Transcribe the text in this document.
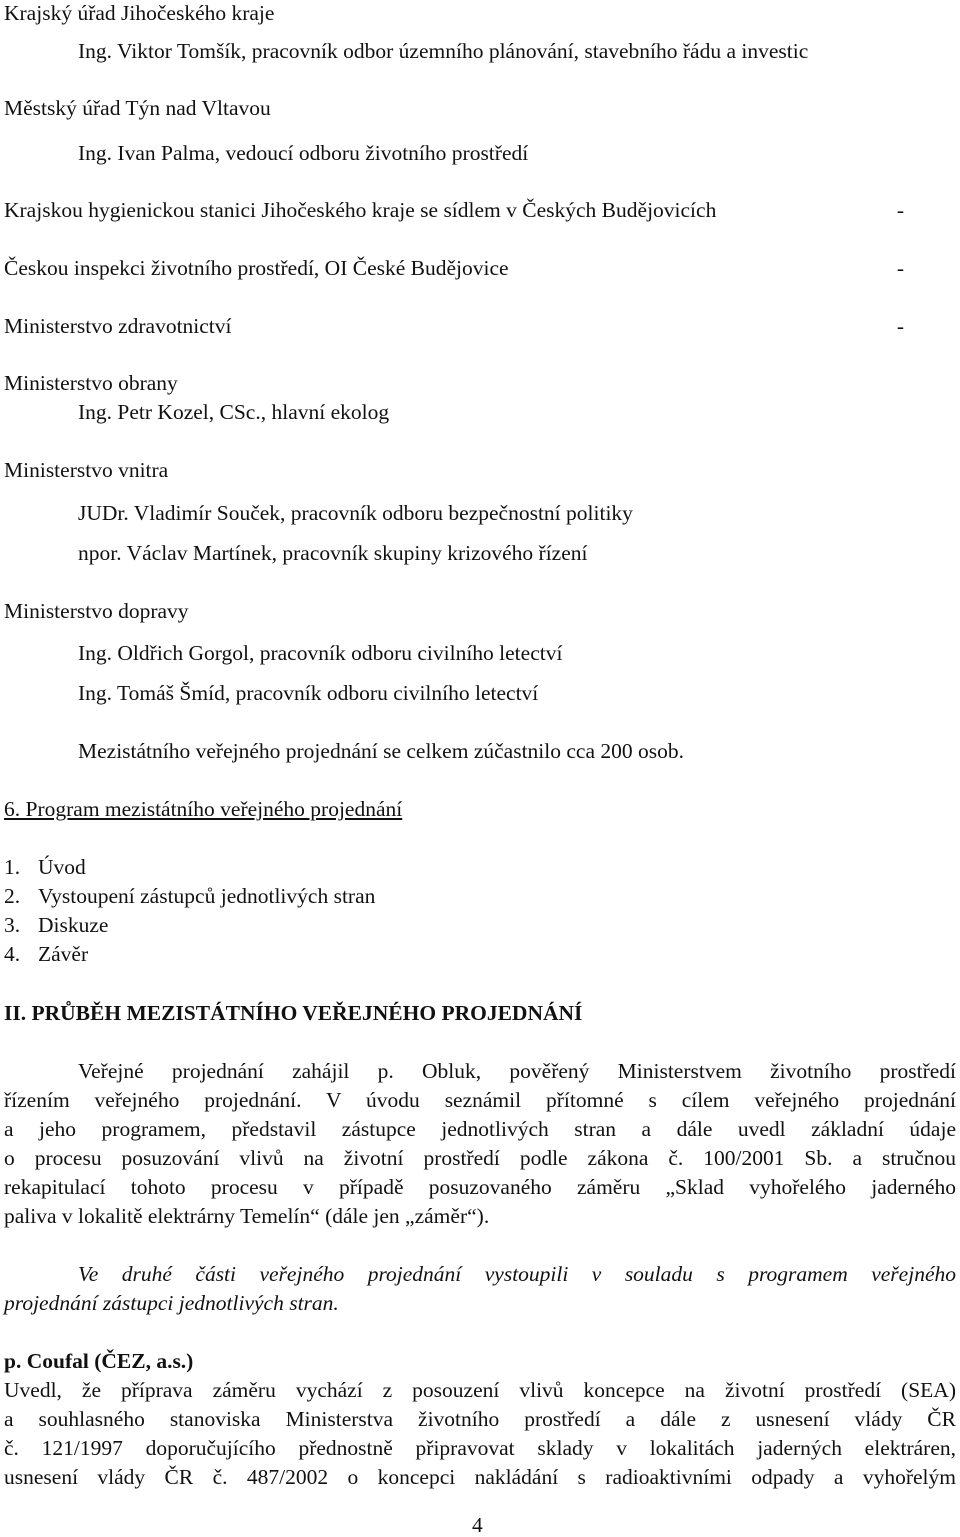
Krajský úřad Jihočeského kraje
Ing. Viktor Tomšík, pracovník odbor územního plánování, stavebního řádu a investic
Městský úřad Týn nad Vltavou
Ing. Ivan Palma, vedoucí odboru životního prostředí
Krajskou hygienickou stanici Jihočeského kraje se sídlem v Českých Budějovicích	-
Českou inspekci životního prostředí, OI České Budějovice	-
Ministerstvo zdravotnictví	-
Ministerstvo obrany
Ing. Petr Kozel, CSc., hlavní ekolog
Ministerstvo vnitra
JUDr. Vladimír Souček, pracovník odboru bezpečnostní politiky
npor. Václav Martínek, pracovník skupiny krizového řízení
Ministerstvo dopravy
Ing. Oldřich Gorgol, pracovník odboru civilního letectví
Ing. Tomáš Šmíd, pracovník odboru civilního letectví
Mezistátního veřejného projednání se celkem zúčastnilo cca 200 osob.
6. Program mezistátního veřejného projednání
1. Úvod
2. Vystoupení zástupců jednotlivých stran
3. Diskuze
4. Závěr
II. PRŮBĚH MEZISTÁTNÍHO VEŘEJNÉHO PROJEDNÁNÍ
Veřejné projednání zahájil p. Obluk, pověřený Ministerstvem životního prostředí
řízením veřejného projednání. V úvodu seznámil přítomné s cílem veřejného projednání
a jeho programem, představil zástupce jednotlivých stran a dále uvedl základní údaje
o procesu posuzování vlivů na životní prostředí podle zákona č. 100/2001 Sb. a stručnou
rekapitulací tohoto procesu v případě posuzovaného záměru „Sklad vyhořelého jaderného
paliva v lokalitě elektrárny Temelín“ (dále jen „záměr“).
Ve druhé části veřejného projednání vystoupili v souladu s programem veřejného
projednání zástupci jednotlivých stran.
p. Coufal (ČEZ, a.s.)
Uvedl, že příprava záměru vychází z posouzení vlivů koncepce na životní prostředí (SEA)
a souhlasného stanoviska Ministerstva životního prostředí a dále z usnesení vlády ČR
č. 121/1997 doporučujícího přednostně připravovat sklady v lokalitách jaderných elektráren,
usnesení vlády ČR č. 487/2002 o koncepci nakládání s radioaktivními odpady a vyhořelým
4
